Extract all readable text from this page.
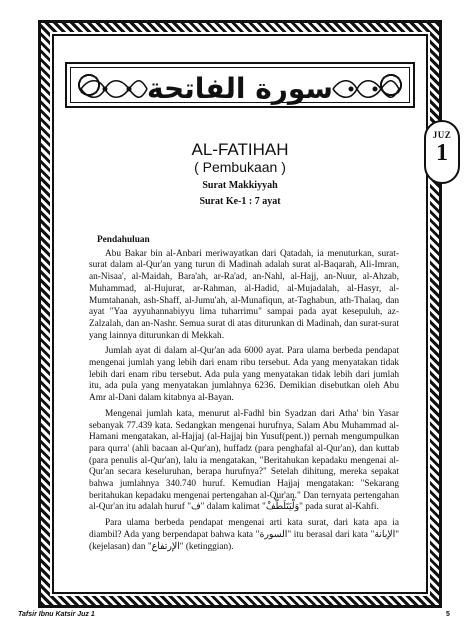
سورة الفاتحة
JUZ
1
AL-FATIHAH
( Pembukaan )
Surat Makkiyyah
Surat Ke-1 : 7 ayat

Pendahuluan

Abu Bakar bin al-Anbari meriwayatkan dari Qatadah, ia menuturkan, surat-surat dalam al-Qur'an yang turun di Madinah adalah surat al-Baqarah, Ali-Imran, an-Nisaa', al-Maidah, Bara'ah, ar-Ra'ad, an-Nahl, al-Hajj, an-Nuur, al-Ahzab, Muhammad, al-Hujurat, ar-Rahman, al-Hadid, al-Mujadalah, al-Hasyr, al-Mumtahanah, ash-Shaff, al-Jumu'ah, al-Munafiqun, at-Taghabun, ath-Thalaq, dan ayat "Yaa ayyuhannabiyyu lima tuharrimu" sampai pada ayat kesepuluh, az-Zalzalah, dan an-Nashr. Semua surat di atas diturunkan di Madinah, dan surat-surat yang lainnya diturunkan di Mekkah.

Jumlah ayat di dalam al-Qur'an ada 6000 ayat. Para ulama berbeda pendapat mengenai jumlah yang lebih dari enam ribu tersebut. Ada yang menyatakan tidak lebih dari enam ribu tersebut. Ada pula yang menyatakan tidak lebih dari jumlah itu, ada pula yang menyatakan jumlahnya 6236. Demikian disebutkan oleh Abu Amr al-Dani dalam kitabnya al-Bayan.

Mengenai jumlah kata, menurut al-Fadhl bin Syadzan dari Atha' bin Yasar sebanyak 77.439 kata. Sedangkan mengenai hurufnya, Salam Abu Muhammad al-Hamani mengatakan, al-Hajjaj (al-Hajjaj bin Yusuf(pent.)) pernah mengumpulkan para qurra' (ahli bacaan al-Qur'an), huffadz (para penghafal al-Qur'an), dan kuttab (para penulis al-Qur'an), lalu ia mengatakan, "Beritahukan kepadaku mengenai al-Qur'an secara keseluruhan, berapa hurufnya?" Setelah dihitung, mereka sepakat bahwa jumlahnya 340.740 huruf. Kemudian Hajjaj mengatakan: "Sekarang beritahukan kepadaku mengenai pertengahan al-Qur'an." Dan ternyata pertengahan al-Qur'an itu adalah huruf "ف" dalam kalimat "وَلْيَتَلَطَّفْ" pada surat al-Kahfi.

Para ulama berbeda pendapat mengenai arti kata surat, dari kata apa ia diambil? Ada yang berpendapat bahwa kata "السورة" itu berasal dari kata "الإبانة" (kejelasan) dan "الإرتفاع" (ketinggian).

Tafsir Ibnu Katsir Juz 1	5
